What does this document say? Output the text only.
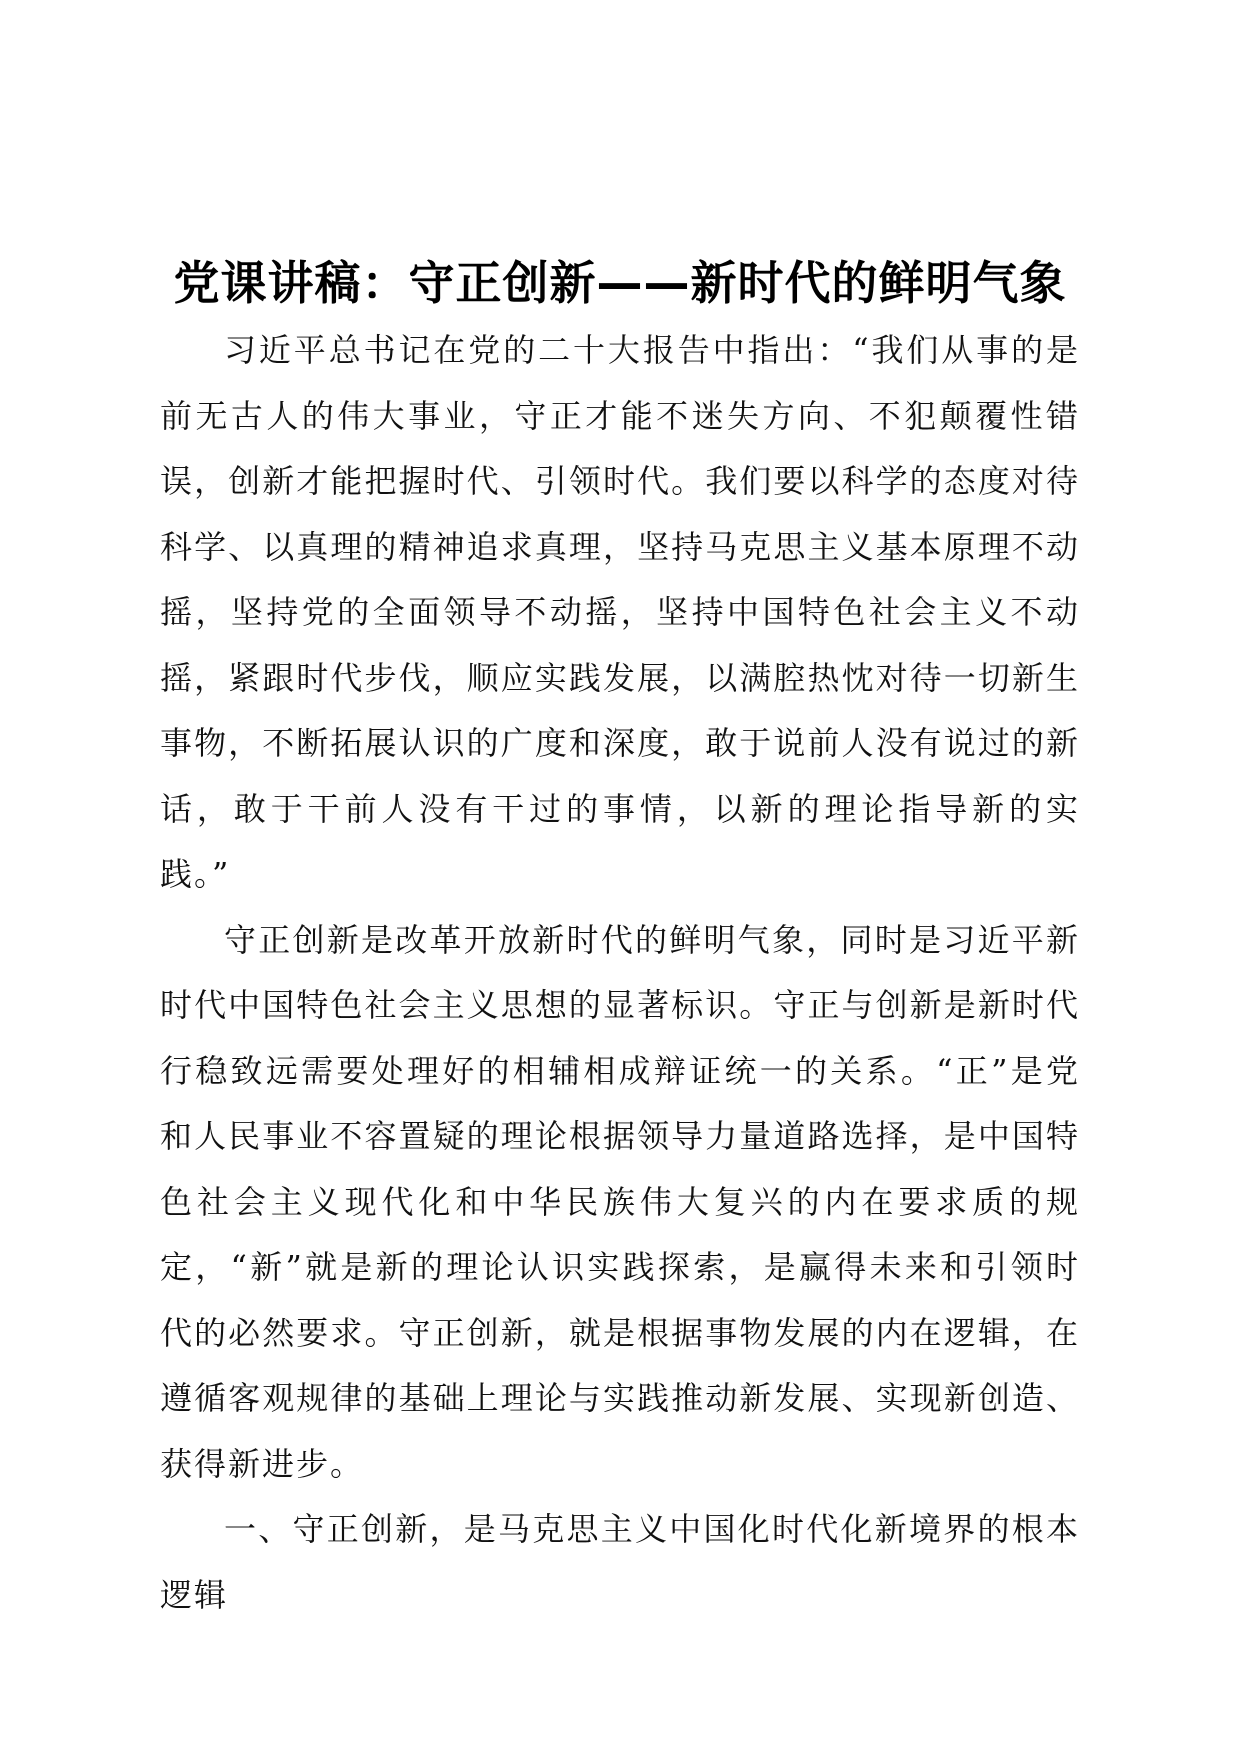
党课讲稿：守正创新——新时代的鲜明气象

习近平总书记在党的二十大报告中指出：“我们从事的是前无古人的伟大事业，守正才能不迷失方向、不犯颠覆性错误，创新才能把握时代、引领时代。我们要以科学的态度对待科学、以真理的精神追求真理，坚持马克思主义基本原理不动摇，坚持党的全面领导不动摇，坚持中国特色社会主义不动摇，紧跟时代步伐，顺应实践发展，以满腔热忱对待一切新生事物，不断拓展认识的广度和深度，敢于说前人没有说过的新话，敢于干前人没有干过的事情，以新的理论指导新的实践。”

守正创新是改革开放新时代的鲜明气象，同时是习近平新时代中国特色社会主义思想的显著标识。守正与创新是新时代行稳致远需要处理好的相辅相成辩证统一的关系。“正”是党和人民事业不容置疑的理论根据领导力量道路选择，是中国特色社会主义现代化和中华民族伟大复兴的内在要求质的规定，“新”就是新的理论认识实践探索，是赢得未来和引领时代的必然要求。守正创新，就是根据事物发展的内在逻辑，在遵循客观规律的基础上理论与实践推动新发展、实现新创造、获得新进步。

一、守正创新，是马克思主义中国化时代化新境界的根本逻辑
